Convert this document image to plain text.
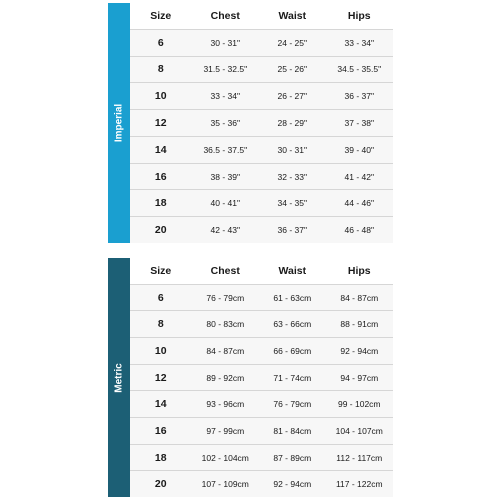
Imperial
Size	Chest	Waist	Hips
6	30 - 31"	24 - 25"	33 - 34"
8	31.5 - 32.5"	25 - 26"	34.5 - 35.5"
10	33 - 34"	26 - 27"	36 - 37"
12	35 - 36"	28 - 29"	37 - 38"
14	36.5 - 37.5"	30 - 31"	39 - 40"
16	38 - 39"	32 - 33"	41 - 42"
18	40 - 41"	34 - 35"	44 - 46"
20	42 - 43"	36 - 37"	46 - 48"
Metric
Size	Chest	Waist	Hips
6	76 - 79cm	61 - 63cm	84 - 87cm
8	80 - 83cm	63 - 66cm	88 - 91cm
10	84 - 87cm	66 - 69cm	92 - 94cm
12	89 - 92cm	71 - 74cm	94 - 97cm
14	93 - 96cm	76 - 79cm	99 - 102cm
16	97 - 99cm	81 - 84cm	104 - 107cm
18	102 - 104cm	87 - 89cm	112 - 117cm
20	107 - 109cm	92 - 94cm	117 - 122cm
